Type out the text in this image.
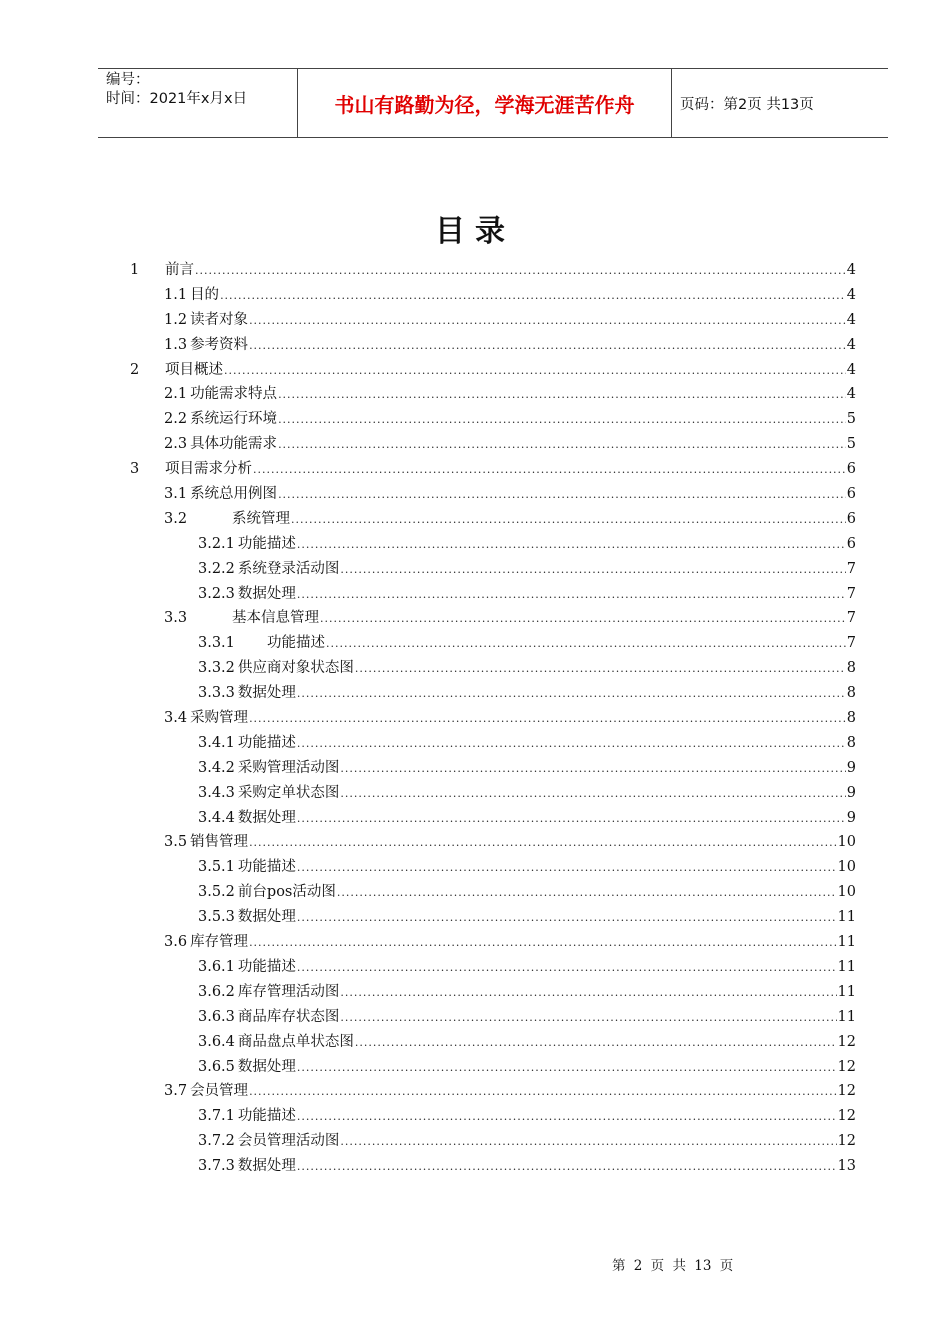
编号：
时间：2021年x月x日	书山有路勤为径，学海无涯苦作舟	页码：第2页 共13页
目录
1	前言 .....	4
1.1 目的 .....	4
1.2 读者对象 .....	4
1.3 参考资料 .....	4
2	项目概述 .....	4
2.1 功能需求特点 .....	4
2.2 系统运行环境 .....	5
2.3 具体功能需求 .....	5
3	项目需求分析 .....	6
3.1 系统总用例图 .....	6
3.2	系统管理 .....	6
3.2.1 功能描述 .....	6
3.2.2 系统登录活动图 .....	7
3.2.3 数据处理 .....	7
3.3	基本信息管理 .....	7
3.3.1	功能描述 .....	7
3.3.2 供应商对象状态图 .....	8
3.3.3 数据处理 .....	8
3.4 采购管理 .....	8
3.4.1 功能描述 .....	8
3.4.2 采购管理活动图 .....	9
3.4.3 采购定单状态图 .....	9
3.4.4 数据处理 .....	9
3.5 销售管理 .....	10
3.5.1 功能描述 .....	10
3.5.2 前台pos活动图 .....	10
3.5.3 数据处理 .....	11
3.6 库存管理 .....	11
3.6.1 功能描述 .....	11
3.6.2 库存管理活动图 .....	11
3.6.3 商品库存状态图 .....	11
3.6.4 商品盘点单状态图 .....	12
3.6.5 数据处理 .....	12
3.7 会员管理 .....	12
3.7.1 功能描述 .....	12
3.7.2 会员管理活动图 .....	12
3.7.3 数据处理 .....	13
第 2 页 共 13 页
